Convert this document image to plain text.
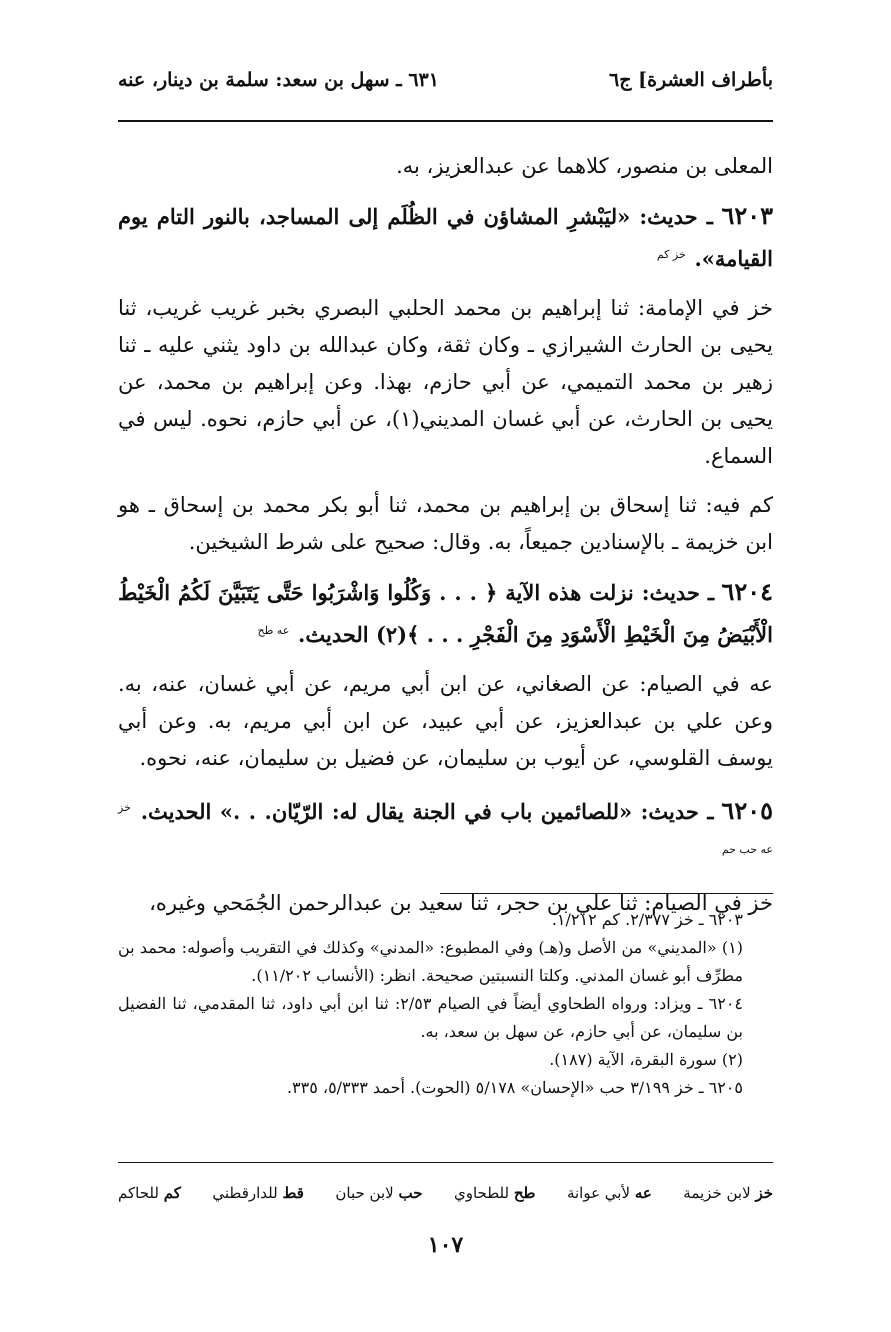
بأطراف العشرة] ج٦
٦٣١ ـ سهل بن سعد: سلمة بن دينار، عنه

المعلى بن منصور، كلاهما عن عبدالعزيز، به.

٦٢٠٣ ـ حديث: «ليَبْشرِ المشاؤن في الظُلَم إلى المساجد، بالنور التام يوم القيامة». $^{خز كم}$

خز في الإمامة: ثنا إبراهيم بن محمد الحلبي البصري بخبر غريب غريب، ثنا يحيى بن الحارث الشيرازي ـ وكان ثقة، وكان عبدالله بن داود يثني عليه ـ ثنا زهير بن محمد التميمي، عن أبي حازم، بهذا. وعن إبراهيم بن محمد، عن يحيى بن الحارث، عن أبي غسان المديني(١)، عن أبي حازم، نحوه. ليس في السماع.

كم فيه: ثنا إسحاق بن إبراهيم بن محمد، ثنا أبو بكر محمد بن إسحاق ـ هو ابن خزيمة ـ بالإسنادين جميعاً، به. وقال: صحيح على شرط الشيخين.

٦٢٠٤ ـ حديث: نزلت هذه الآية ﴿ . . . وَكُلُوا وَاشْرَبُوا حَتَّى يَتَبَيَّنَ لَكُمُ الْخَيْطُ الْأَبْيَضُ مِنَ الْخَيْطِ الْأَسْوَدِ مِنَ الْفَجْرِ . . . ﴾(٢) الحديث. $^{عه طح}$

عه في الصيام: عن الصغاني، عن ابن أبي مريم، عن أبي غسان، عنه، به. وعن علي بن عبدالعزيز، عن أبي عبيد، عن ابن أبي مريم، به. وعن أبي يوسف القلوسي، عن أيوب بن سليمان، عن فضيل بن سليمان، عنه، نحوه.

٦٢٠٥ ـ حديث: «للصائمين باب في الجنة يقال له: الرّيّان. . .» الحديث. $^{خز عه حب حم}$

خز في الصيام: ثنا علي بن حجر، ثنا سعيد بن عبدالرحمن الجُمَحي وغيره،

٦٢٠٣ ـ خز ٢/٣٧٧. كم ١/٢١٢.

(١) «المديني» من الأصل و(هـ) وفي المطبوع: «المدني» وكذلك في التقريب وأصوله: محمد بن مطرِّف أبو غسان المدني. وكلتا النسبتين صحيحة. انظر: (الأنساب ١١/٢٠٢).

٦٢٠٤ ـ ويزاد: ورواه الطحاوي أيضاً في الصيام ٢/٥٣: ثنا ابن أبي داود، ثنا المقدمي، ثنا الفضيل بن سليمان، عن أبي حازم، عن سهل بن سعد، به.

(٢) سورة البقرة، الآية (١٨٧).

٦٢٠٥ ـ خز ٣/١٩٩ حب «الإحسان» ٥/١٧٨ (الحوت). أحمد ٥/٣٣٣، ٣٣٥.

خز لابن خزيمة
عه لأبي عوانة
طح للطحاوي
حب لابن حبان
قط للدارقطني
كم للحاكم
١٠٧
